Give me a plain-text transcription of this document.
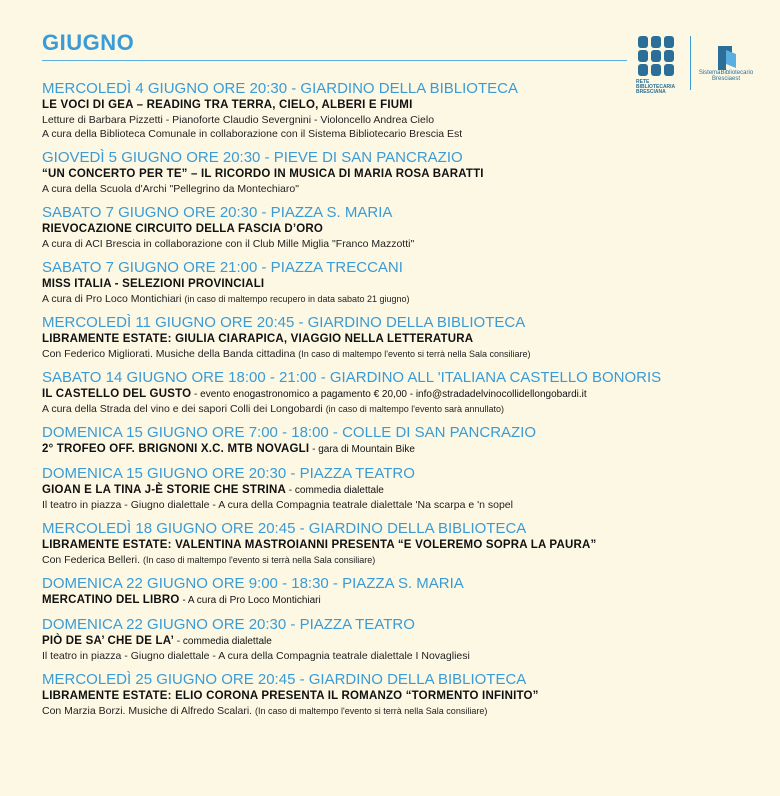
GIUGNO
SistemaBibliotecario Bresciaest
RETE BIBLIOTECARIA BRESCIANA
MERCOLEDÌ 4 GIUGNO ORE 20:30 - GIARDINO DELLA BIBLIOTECA
LE VOCI DI GEA – READING TRA TERRA, CIELO, ALBERI E FIUMI
Letture di Barbara Pizzetti - Pianoforte Claudio Severgnini - Violoncello Andrea Cielo
A cura della Biblioteca Comunale in collaborazione con il Sistema Bibliotecario Brescia Est
GIOVEDÌ 5 GIUGNO ORE 20:30 - PIEVE DI SAN PANCRAZIO
“UN CONCERTO PER TE” – IL RICORDO IN MUSICA DI MARIA ROSA BARATTI
A cura della Scuola d'Archi "Pellegrino da Montechiaro"
SABATO 7 GIUGNO ORE 20:30 - PIAZZA S. MARIA
RIEVOCAZIONE CIRCUITO DELLA FASCIA D’ORO
A cura di ACI Brescia in collaborazione con il Club Mille Miglia "Franco Mazzotti"
SABATO 7 GIUGNO ORE 21:00 - PIAZZA TRECCANI
MISS ITALIA - SELEZIONI PROVINCIALI
A cura di Pro Loco Montichiari (in caso di maltempo recupero in data sabato 21 giugno)
MERCOLEDÌ 11 GIUGNO ORE 20:45 - GIARDINO DELLA BIBLIOTECA
LIBRAMENTE ESTATE: GIULIA CIARAPICA, VIAGGIO NELLA LETTERATURA
Con Federico Migliorati. Musiche della Banda cittadina (In caso di maltempo l'evento si terrà nella Sala consiliare)
SABATO 14 GIUGNO ORE 18:00 - 21:00 - GIARDINO ALL 'ITALIANA CASTELLO BONORIS
IL CASTELLO DEL GUSTO - evento enogastronomico a pagamento € 20,00 - info@stradadelvinocollidellongobardi.it
A cura della Strada del vino e dei sapori Colli dei Longobardi (in caso di maltempo l'evento sarà annullato)
DOMENICA 15 GIUGNO ORE 7:00 - 18:00 - COLLE DI SAN PANCRAZIO
2° TROFEO OFF. BRIGNONI X.C. MTB NOVAGLI - gara di Mountain Bike
DOMENICA 15 GIUGNO ORE 20:30 - PIAZZA TEATRO
GIOAN E LA TINA J-È STORIE CHE STRINA - commedia dialettale
Il teatro in piazza - Giugno dialettale - A cura della Compagnia teatrale dialettale 'Na scarpa e 'n sopel
MERCOLEDÌ 18 GIUGNO ORE 20:45 - GIARDINO DELLA BIBLIOTECA
LIBRAMENTE ESTATE: VALENTINA MASTROIANNI PRESENTA “E VOLEREMO SOPRA LA PAURA”
Con Federica Belleri. (In caso di maltempo l'evento si terrà nella Sala consiliare)
DOMENICA 22 GIUGNO ORE 9:00 - 18:30 - PIAZZA S. MARIA
MERCATINO DEL LIBRO - A cura di Pro Loco Montichiari
DOMENICA 22 GIUGNO ORE 20:30 - PIAZZA TEATRO
PIÒ DE SA’ CHE DE LA’ - commedia dialettale
Il teatro in piazza - Giugno dialettale - A cura della Compagnia teatrale dialettale I Novagliesi
MERCOLEDÌ 25 GIUGNO ORE 20:45 - GIARDINO DELLA BIBLIOTECA
LIBRAMENTE ESTATE: ELIO CORONA PRESENTA IL ROMANZO “TORMENTO INFINITO”
Con Marzia Borzi. Musiche di Alfredo Scalari. (In caso di maltempo l'evento si terrà nella Sala consiliare)
